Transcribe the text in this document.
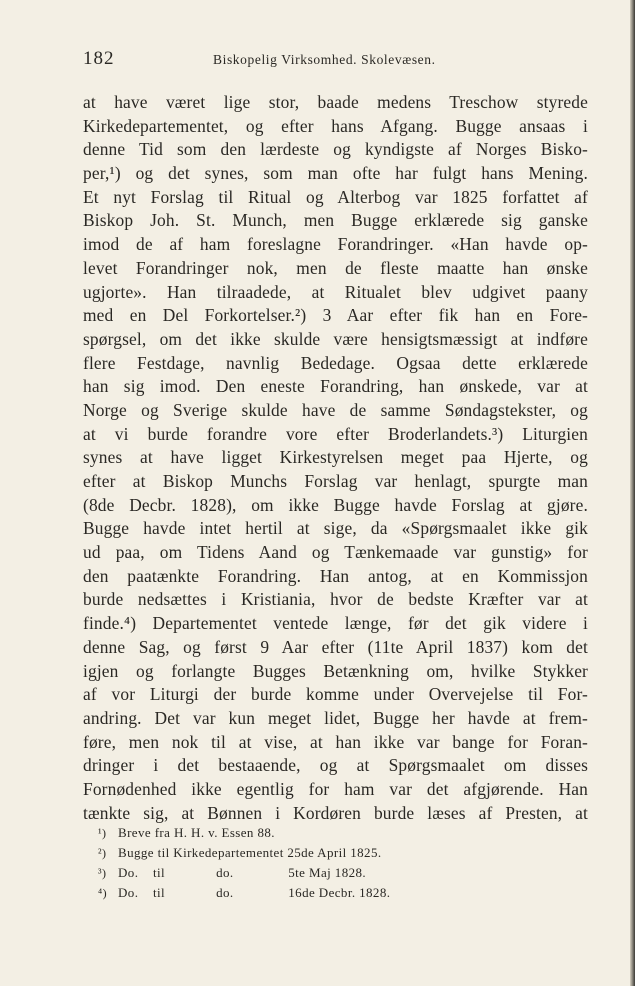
182	Biskopelig Virksomhed. Skolevæsen.
at have været lige stor, baade medens Treschow styrede
Kirkedepartementet, og efter hans Afgang. Bugge ansaas i
denne Tid som den lærdeste og kyndigste af Norges Bisko-
per,¹) og det synes, som man ofte har fulgt hans Mening.
Et nyt Forslag til Ritual og Alterbog var 1825 forfattet af
Biskop Joh. St. Munch, men Bugge erklærede sig ganske
imod de af ham foreslagne Forandringer. «Han havde op-
levet Forandringer nok, men de fleste maatte han ønske
ugjorte». Han tilraadede, at Ritualet blev udgivet paany
med en Del Forkortelser.²) 3 Aar efter fik han en Fore-
spørgsel, om det ikke skulde være hensigtsmæssigt at indføre
flere Festdage, navnlig Bededage. Ogsaa dette erklærede
han sig imod. Den eneste Forandring, han ønskede, var at
Norge og Sverige skulde have de samme Søndagstekster, og
at vi burde forandre vore efter Broderlandets.³) Liturgien
synes at have ligget Kirkestyrelsen meget paa Hjerte, og
efter at Biskop Munchs Forslag var henlagt, spurgte man
(8de Decbr. 1828), om ikke Bugge havde Forslag at gjøre.
Bugge havde intet hertil at sige, da «Spørgsmaalet ikke gik
ud paa, om Tidens Aand og Tænkemaade var gunstig» for
den paatænkte Forandring. Han antog, at en Kommissjon
burde nedsættes i Kristiania, hvor de bedste Kræfter var at
finde.⁴) Departementet ventede længe, før det gik videre i
denne Sag, og først 9 Aar efter (11te April 1837) kom det
igjen og forlangte Bugges Betænkning om, hvilke Stykker
af vor Liturgi der burde komme under Overvejelse til For-
andring. Det var kun meget lidet, Bugge her havde at frem-
føre, men nok til at vise, at han ikke var bange for Foran-
dringer i det bestaaende, og at Spørgsmaalet om disses
Fornødenhed ikke egentlig for ham var det afgjørende. Han
tænkte sig, at Bønnen i Kordøren burde læses af Presten, at
¹) Breve fra H. H. v. Essen 88.
²) Bugge til Kirkedepartementet 25de April 1825.
³) Do.    til              do.               5te Maj 1828.
⁴) Do.    til              do.               16de Decbr. 1828.
